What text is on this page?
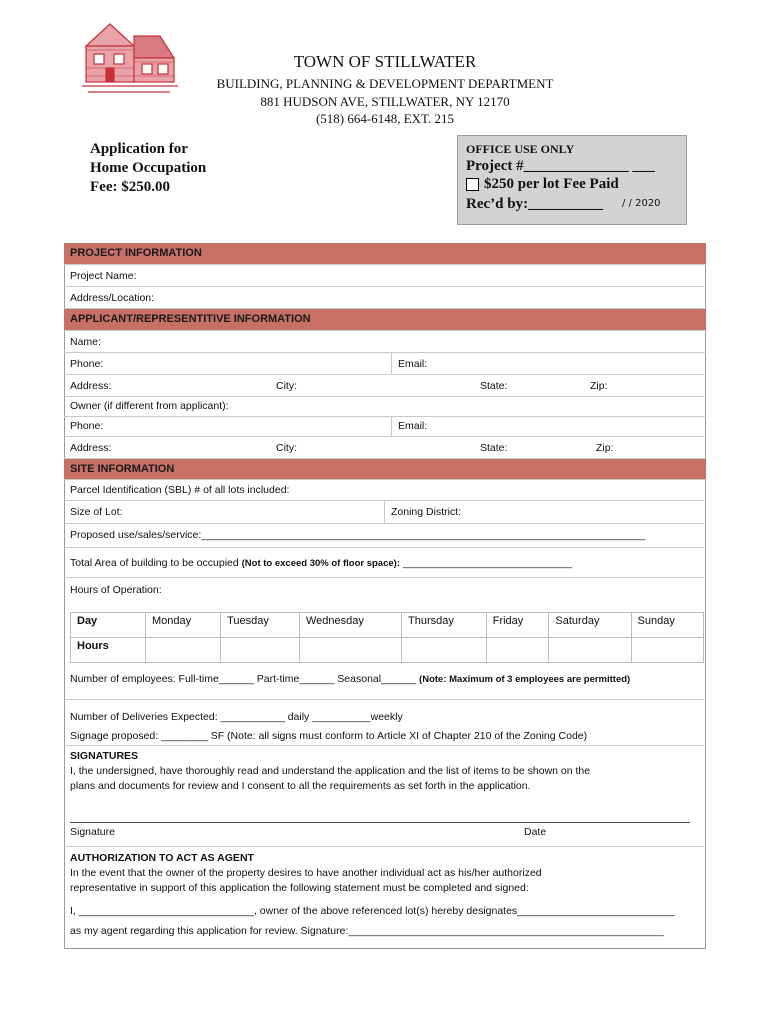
TOWN OF STILLWATER
BUILDING, PLANNING & DEVELOPMENT DEPARTMENT
881 HUDSON AVE, STILLWATER, NY 12170
(518) 664-6148, EXT. 215
Application for
Home Occupation
Fee: $250.00
OFFICE USE ONLY
Project #______________ ___
$250 per lot Fee Paid
Rec’d by:__________ / / 2020
PROJECT INFORMATION
Project Name:
Address/Location:
APPLICANT/REPRESENTITIVE INFORMATION
Name:
Phone:	Email:
Address:	City:	State:	Zip:
Owner (if different from applicant):
Phone:	Email:
Address:	City:	State:	Zip:
SITE INFORMATION
Parcel Identification (SBL) # of all lots included:
Size of Lot:	Zoning District:
Proposed use/sales/service:____________________________________________________________________________
Total Area of building to be occupied (Not to exceed 30% of floor space): _____________________________
Hours of Operation:
Day	Monday	Tuesday	Wednesday	Thursday	Friday	Saturday	Sunday
Hours							
Number of employees: Full-time______ Part-time______ Seasonal______ (Note: Maximum of 3 employees are permitted)
Number of Deliveries Expected: ___________ daily __________weekly
Signage proposed: ________ SF (Note: all signs must conform to Article XI of Chapter 210 of the Zoning Code)
SIGNATURES
I, the undersigned, have thoroughly read and understand the application and the list of items to be shown on the
plans and documents for review and I consent to all the requirements as set forth in the application.
Signature	Date
AUTHORIZATION TO ACT AS AGENT
In the event that the owner of the property desires to have another individual act as his/her authorized
representative in support of this application the following statement must be completed and signed:
I, ______________________________, owner of the above referenced lot(s) hereby designates___________________________
as my agent regarding this application for review. Signature:______________________________________________________
